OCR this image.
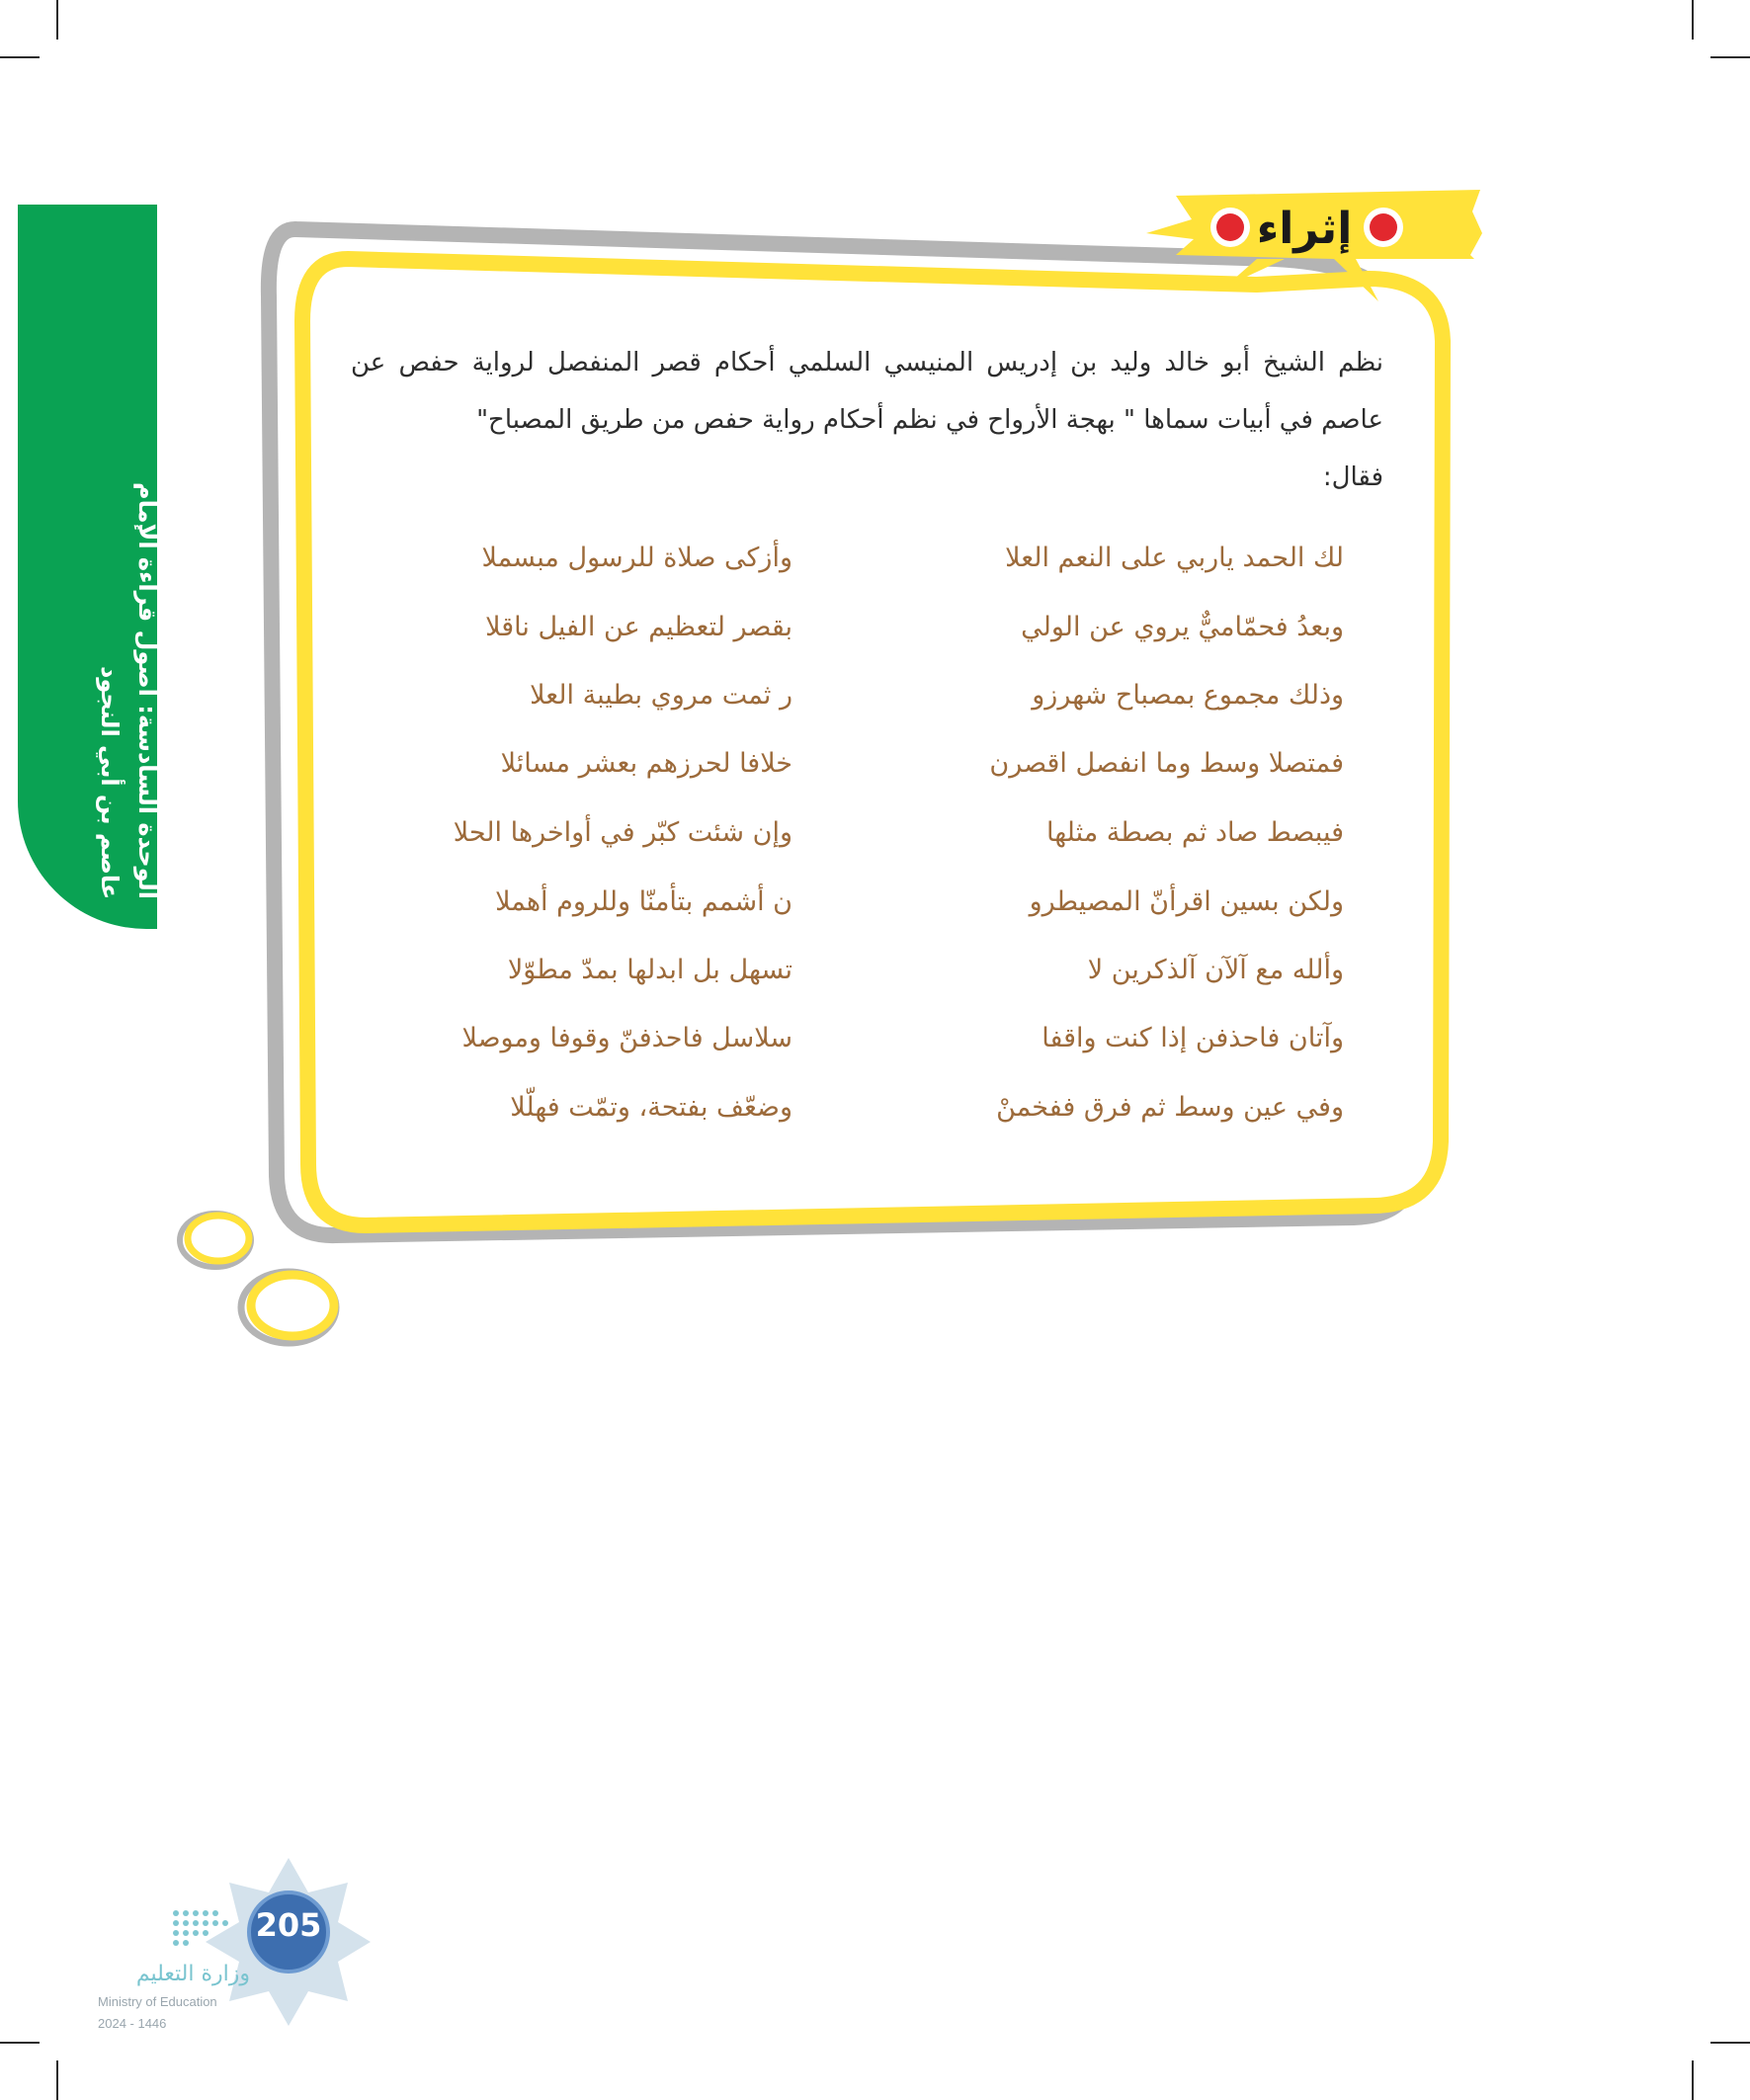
الوحدة السادسة: أصول قراءة الإمام
عاصم بن أبي النجود
إثراء

نظم الشيخ أبو خالد وليد بن إدريس المنيسي السلمي أحكام قصر المنفصل لرواية حفص عن عاصم في أبيات سماها " بهجة الأرواح في نظم أحكام رواية حفص من طريق المصباح"

فقال:
لك الحمد ياربي على النعم العلا
وأزكى صلاة للرسول مبسملا
وبعدُ فحمّاميٌّ يروي عن الولي
بقصر لتعظيم عن الفيل ناقلا
وذلك مجموع بمصباح شهرزو
ر ثمت مروي بطيبة العلا
فمتصلا وسط وما انفصل اقصرن
خلافا لحرزهم بعشر مسائلا
فيبصط صاد ثم بصطة مثلها
وإن شئت كبّر في أواخرها الحلا
ولكن بسين اقرأنّ المصيطرو
ن أشمم بتأمنّا وللروم أهملا
وألله مع آلآن آلذكرين لا
تسهل بل ابدلها بمدّ مطوّلا
وآتان فاحذفن إذا كنت واقفا
سلاسل فاحذفنّ وقوفا وموصلا
وفي عين وسط ثم فرق ففخمنْ
وضعّف بفتحة، وتمّت فهلّلا
205
وزارة التعليم
Ministry of Education
2024 - 1446
